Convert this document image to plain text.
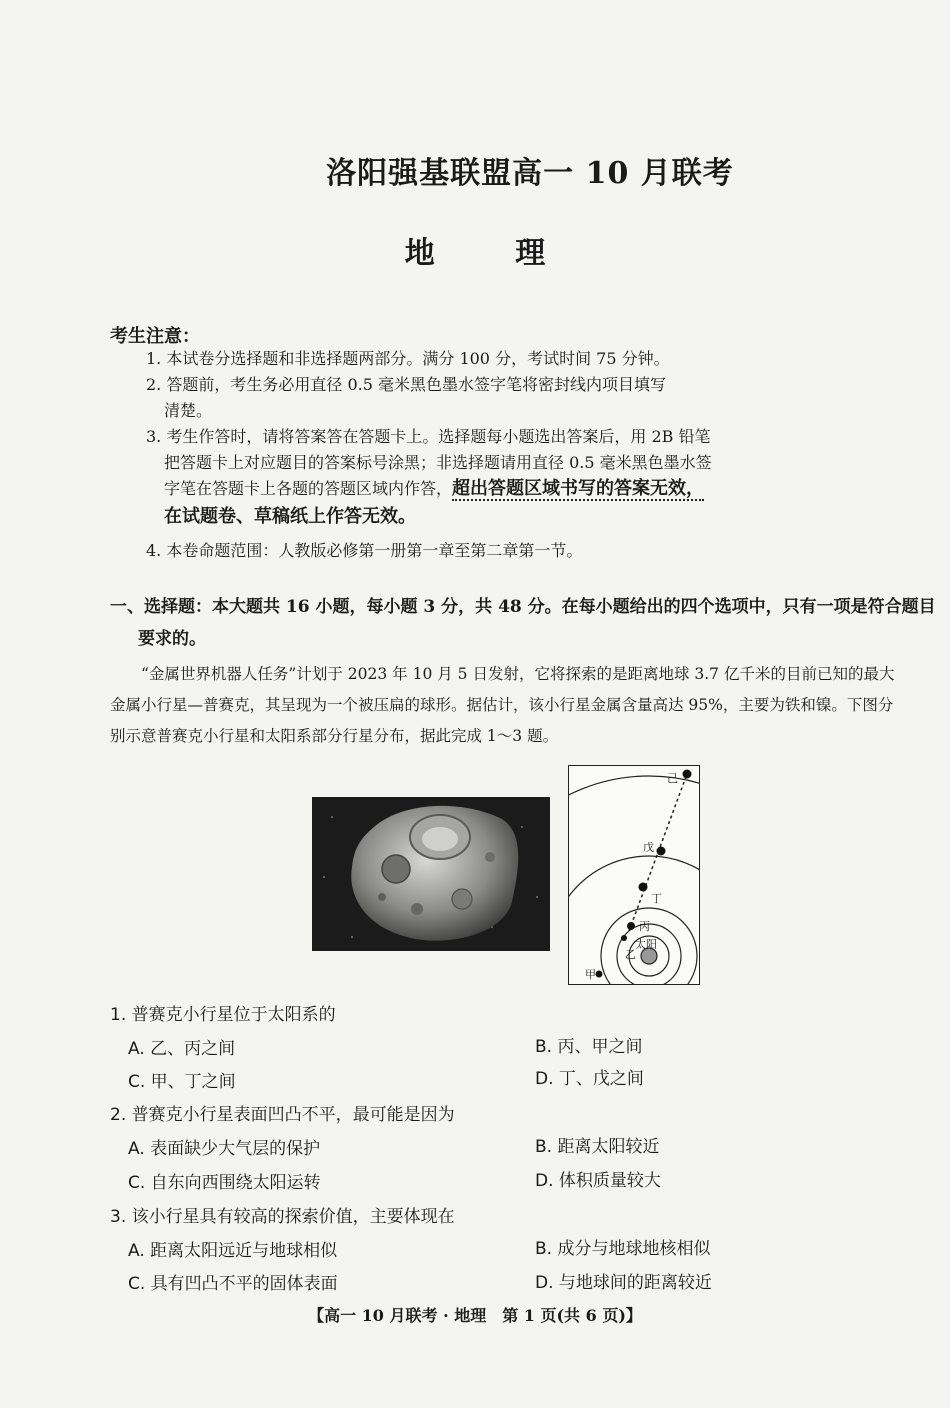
洛阳强基联盟高一 10 月联考
地 理
考生注意：
1. 本试卷分选择题和非选择题两部分。满分 100 分，考试时间 75 分钟。
2. 答题前，考生务必用直径 0.5 毫米黑色墨水签字笔将密封线内项目填写
清楚。
3. 考生作答时，请将答案答在答题卡上。选择题每小题选出答案后，用 2B 铅笔
把答题卡上对应题目的答案标号涂黑；非选择题请用直径 0.5 毫米黑色墨水签
字笔在答题卡上各题的答题区域内作答，超出答题区域书写的答案无效，
在试题卷、草稿纸上作答无效。
4. 本卷命题范围：人教版必修第一册第一章至第二章第一节。
一、选择题：本大题共 16 小题，每小题 3 分，共 48 分。在每小题给出的四个选项中，只有一项是符合题目
要求的。
“金属世界机器人任务”计划于 2023 年 10 月 5 日发射，它将探索的是距离地球 3.7 亿千米的目前已知的最大金属小行星—普赛克，其呈现为一个被压扁的球形。据估计，该小行星金属含量高达 95%，主要为铁和镍。下图分别示意普赛克小行星和太阳系部分行星分布，据此完成 1～3 题。
己
戊
丁
丙
太阳
乙
甲
1. 普赛克小行星位于太阳系的
A. 乙、丙之间	B. 丙、甲之间
C. 甲、丁之间	D. 丁、戊之间
2. 普赛克小行星表面凹凸不平，最可能是因为
A. 表面缺少大气层的保护	B. 距离太阳较近
C. 自东向西围绕太阳运转	D. 体积质量较大
3. 该小行星具有较高的探索价值，主要体现在
A. 距离太阳远近与地球相似	B. 成分与地球地核相似
C. 具有凹凸不平的固体表面	D. 与地球间的距离较近
【高一 10 月联考 · 地理　第 1 页(共 6 页)】
